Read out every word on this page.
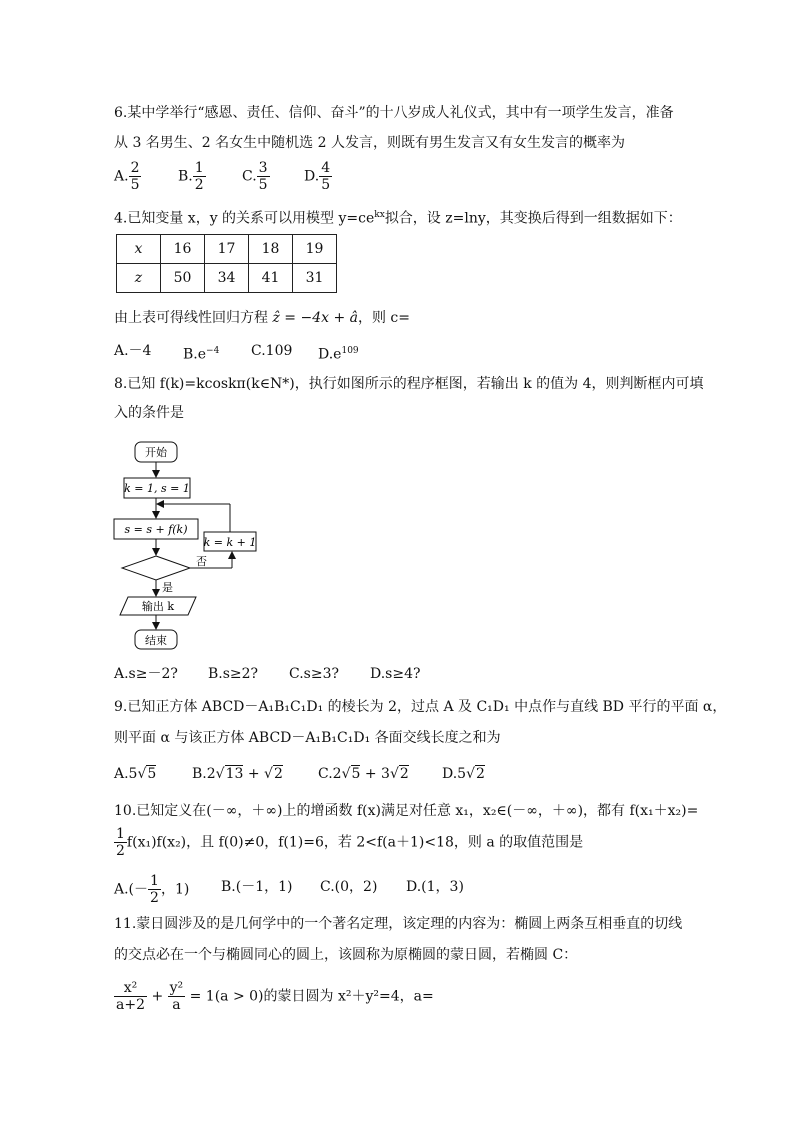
6.某中学举行“感恩、责任、信仰、奋斗”的十八岁成人礼仪式，其中有一项学生发言，准备
从 3 名男生、2 名女生中随机选 2 人发言，则既有男生发言又有女生发言的概率为
A. $\frac{2}{5}$	B. $\frac{1}{2}$	C. $\frac{3}{5} D$. $\frac{4}{5}$
4.已知变量 x，y 的关系可以用模型 $y=ce^{kx}$拟合，设 z=lny，其变换后得到一组数据如下：
x	16	17	18	19
z	50	34	41	31
由上表可得线性回归方程 ẑ = −4x + â，则 c=
A.－4 $B.e^{-4}$ C.109 $D.e^{109}$
8.已知 f(k)=kcoskπ(k∈N*)，执行如图所示的程序框图，若输出 k 的值为 4，则判断框内可填
入的条件是
开始
k = 1, s = 1
s = s + f(k)
否
k = k + 1
是
输出 k
结束
A.s≥－2? B.s≥2? C.s≥3? D.s≥4?
9.已知正方体 ABCD－A₁B₁C₁D₁ 的棱长为 2，过点 A 及 C₁D₁ 中点作与直线 BD 平行的平面 α，
则平面 α 与该正方体 ABCD－A₁B₁C₁D₁ 各面交线长度之和为
A.5√5	B.2√13 + √2	C.2√5 + 3√2 D.5√2
10.已知定义在(－∞，＋∞)上的增函数 f(x)满足对任意 x₁，x₂∈(－∞，＋∞)，都有 f(x₁＋x₂)=
$\frac{1}{2} f(x_1)f(x_2)$，且 f(0)≠0，f(1)=6，若 2<f(a＋1)<18，则 a 的取值范围是
$A.(- \frac{1}{2}$ ，1) B.(－1，1) C.(0，2) D.(1，3)
11.蒙日圆涉及的是几何学中的一个著名定理，该定理的内容为：椭圆上两条互相垂直的切线
的交点必在一个与椭圆同心的圆上，该圆称为原椭圆的蒙日圆，若椭圆 C：
$\frac{\text{x²}}{a+2} + \frac{\text{y²}}{a} = 1(a > 0)$的蒙日圆为 x²＋y²=4，a=
